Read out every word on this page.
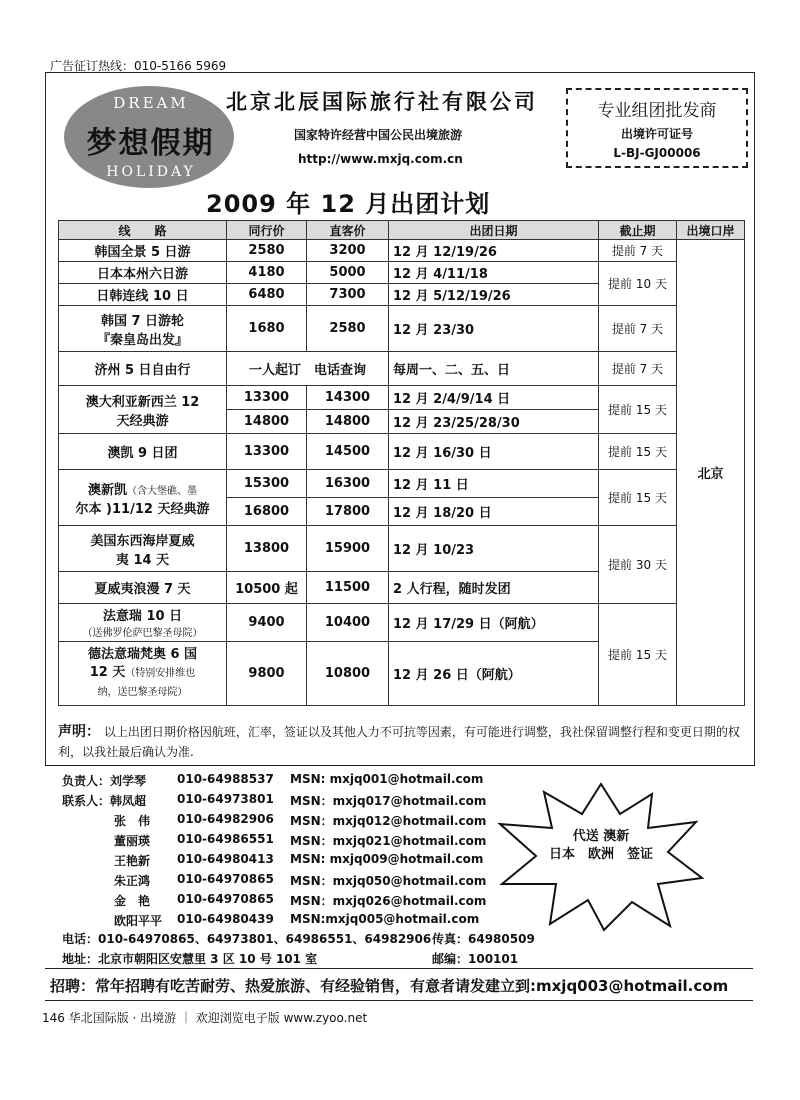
广告征订热线：010-5166 5969
DREAM
梦想假期
HOLIDAY
北京北辰国际旅行社有限公司
国家特许经营中国公民出境旅游
http://www.mxjq.com.cn
专业组团批发商
出境许可证号
L-BJ-GJ00006
2009 年 12 月出团计划
线　　路	同行价	直客价	出团日期	截止期	出境口岸
韩国全景 5 日游	2580	3200	12 月 12/19/26	提前 7 天	北京
日本本州六日游	4180	5000	12 月 4/11/18	提前 10 天	
日韩连线 10 日	6480	7300	12 月 5/12/19/26		
韩国 7 日游轮
『秦皇岛出发』	1680	2580	12 月 23/30	提前 7 天	
济州 5 日自由行	一人起订　电话查询		每周一、二、五、日	提前 7 天	
澳大利亚新西兰 12
天经典游	13300	14300	12 月 2/4/9/14 日	提前 15 天	
	14800	14800	12 月 23/25/28/30		
澳凯 9 日团	13300	14500	12 月 16/30 日	提前 15 天	
澳新凯（含大堡礁、墨
尔本 )11/12 天经典游	15300	16300	12 月 11 日	提前 15 天	
	16800	17800	12 月 18/20 日		
美国东西海岸夏威
夷 14 天	13800	15900	12 月 10/23	提前 30 天	
夏威夷浪漫 7 天	10500 起	11500	2 人行程，随时发团		
法意瑞 10 日
（送佛罗伦萨巴黎圣母院）	9400	10400	12 月 17/29 日（阿航）	提前 15 天	
德法意瑞梵奥 6 国
12 天（特别安排维也
纳，送巴黎圣母院）	9800	10800	12 月 26 日（阿航）		
声明： 以上出团日期价格因航班，汇率，签证以及其他人力不可抗等因素，有可能进行调整，我社保留调整行程和变更日期的权利，以我社最后确认为准.
负责人：刘学琴	010-64988537 MSN: mxjq001@hotmail.com
联系人：韩凤超	010-64973801 MSN：mxjq017@hotmail.com
张　伟 010-64982906 MSN：mxjq012@hotmail.com
董丽瑛 010-64986551 MSN：mxjq021@hotmail.com
王艳新 010-64980413 MSN: mxjq009@hotmail.com
朱正鸿 010-64970865 MSN：mxjq050@hotmail.com
金　艳 010-64970865 MSN：mxjq026@hotmail.com
欧阳平平 010-64980439 MSN:mxjq005@hotmail.com
代送 澳新
日本　欧洲　签证
电话：010-64970865、64973801、64986551、64982906 传真：64980509
地址：北京市朝阳区安慧里 3 区 10 号 101 室	邮编：100101
招聘：常年招聘有吃苦耐劳、热爱旅游、有经验销售，有意者请发建立到:mxjq003@hotmail.com
146 华北国际版 · 出境游 ｜ 欢迎浏览电子版 www.zyoo.net
